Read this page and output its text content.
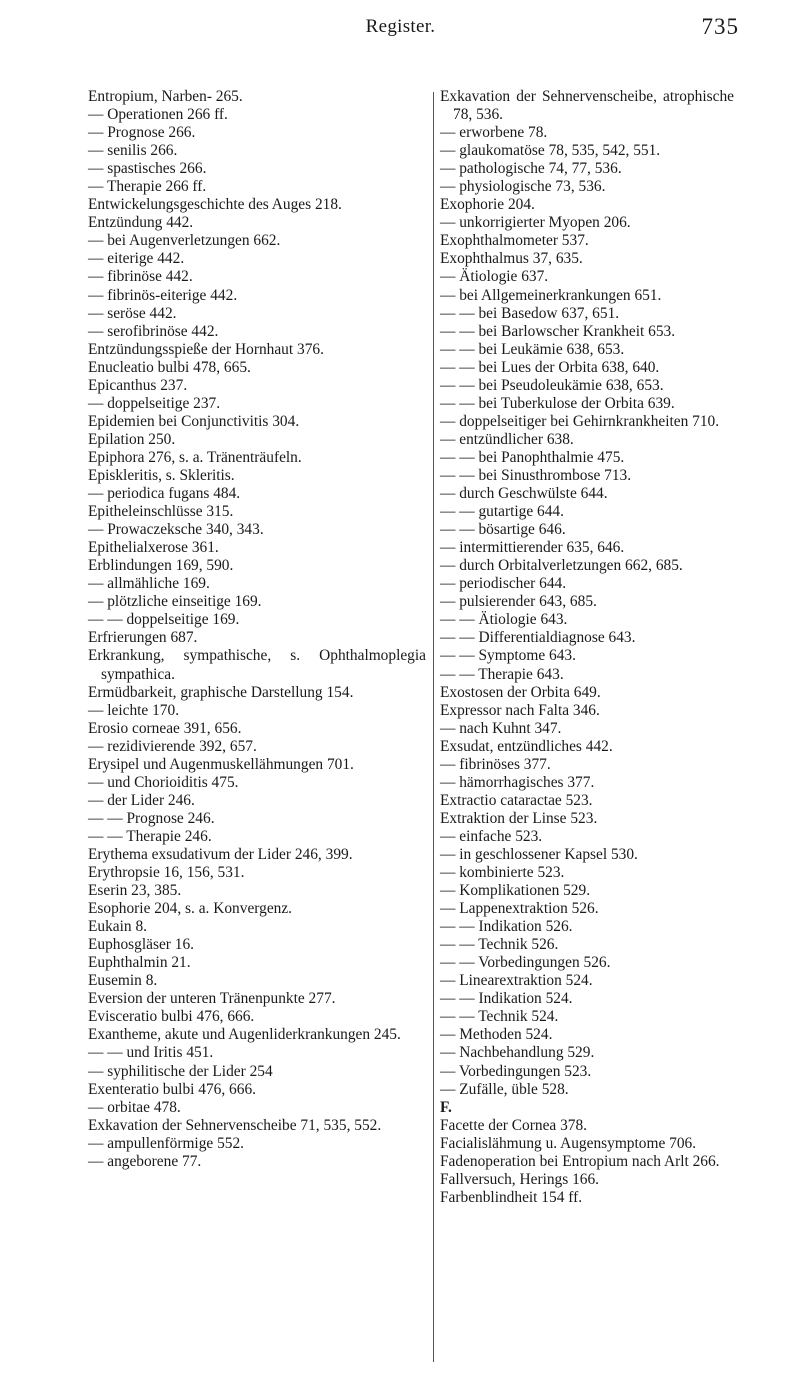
Register.	735
Entropium, Narben- 265.
— Operationen 266 ff.
— Prognose 266.
— senilis 266.
— spastisches 266.
— Therapie 266 ff.
Entwickelungsgeschichte des Auges 218.
Entzündung 442.
— bei Augenverletzungen 662.
— eiterige 442.
— fibrinöse 442.
— fibrinös-eiterige 442.
— seröse 442.
— serofibrinöse 442.
Entzündungsspieße der Hornhaut 376.
Enucleatio bulbi 478, 665.
Epicanthus 237.
— doppelseitige 237.
Epidemien bei Conjunctivitis 304.
Epilation 250.
Epiphora 276, s. a. Tränenträufeln.
Episkleritis, s. Skleritis.
— periodica fugans 484.
Epitheleinschlüsse 315.
— Prowaczeksche 340, 343.
Epithelialxerose 361.
Erblindungen 169, 590.
— allmähliche 169.
— plötzliche einseitige 169.
— — doppelseitige 169.
Erfrierungen 687.
Erkrankung, sympathische, s. Ophthalmoplegia sympathica.
Ermüdbarkeit, graphische Darstellung 154.
— leichte 170.
Erosio corneae 391, 656.
— rezidivierende 392, 657.
Erysipel und Augenmuskellähmungen 701.
— und Chorioiditis 475.
— der Lider 246.
— — Prognose 246.
— — Therapie 246.
Erythema exsudativum der Lider 246, 399.
Erythropsie 16, 156, 531.
Eserin 23, 385.
Esophorie 204, s. a. Konvergenz.
Eukain 8.
Euphosgläser 16.
Euphthalmin 21.
Eusemin 8.
Eversion der unteren Tränenpunkte 277.
Evisceratio bulbi 476, 666.
Exantheme, akute und Augenliderkrankungen 245.
— — und Iritis 451.
— syphilitische der Lider 254
Exenteratio bulbi 476, 666.
— orbitae 478.
Exkavation der Sehnervenscheibe 71, 535, 552.
— ampullenförmige 552.
— angeborene 77.
Exkavation der Sehnervenscheibe, atrophische 78, 536.
— erworbene 78.
— glaukomatöse 78, 535, 542, 551.
— pathologische 74, 77, 536.
— physiologische 73, 536.
Exophorie 204.
— unkorrigierter Myopen 206.
Exophthalmometer 537.
Exophthalmus 37, 635.
— Ätiologie 637.
— bei Allgemeinerkrankungen 651.
— — bei Basedow 637, 651.
— — bei Barlowscher Krankheit 653.
— — bei Leukämie 638, 653.
— — bei Lues der Orbita 638, 640.
— — bei Pseudoleukämie 638, 653.
— — bei Tuberkulose der Orbita 639.
— doppelseitiger bei Gehirnkrankheiten 710.
— entzündlicher 638.
— — bei Panophthalmie 475.
— — bei Sinusthrombose 713.
— durch Geschwülste 644.
— — gutartige 644.
— — bösartige 646.
— intermittierender 635, 646.
— durch Orbitalverletzungen 662, 685.
— periodischer 644.
— pulsierender 643, 685.
— — Ätiologie 643.
— — Differentialdiagnose 643.
— — Symptome 643.
— — Therapie 643.
Exostosen der Orbita 649.
Expressor nach Falta 346.
— nach Kuhnt 347.
Exsudat, entzündliches 442.
— fibrinöses 377.
— hämorrhagisches 377.
Extractio cataractae 523.
Extraktion der Linse 523.
— einfache 523.
— in geschlossener Kapsel 530.
— kombinierte 523.
— Komplikationen 529.
— Lappenextraktion 526.
— — Indikation 526.
— — Technik 526.
— — Vorbedingungen 526.
— Linearextraktion 524.
— — Indikation 524.
— — Technik 524.
— Methoden 524.
— Nachbehandlung 529.
— Vorbedingungen 523.
— Zufälle, üble 528.
F.
Facette der Cornea 378.
Facialislähmung u. Augensymptome 706.
Fadenoperation bei Entropium nach Arlt 266.
Fallversuch, Herings 166.
Farbenblindheit 154 ff.
